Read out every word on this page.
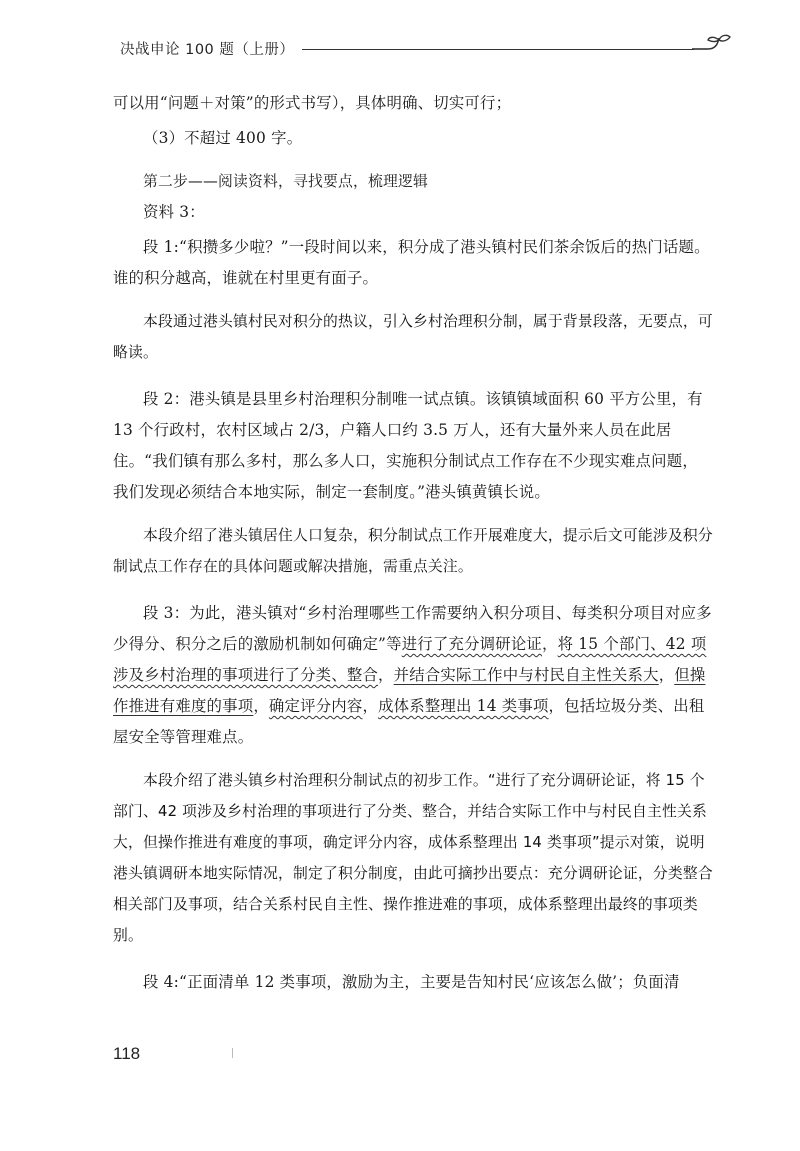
决战申论 100 题（上册）

可以用“问题＋对策”的形式书写），具体明确、切实可行；

（3）不超过 400 字。

第二步——阅读资料，寻找要点，梳理逻辑

资料 3：

段 1:“积攒多少啦？”一段时间以来，积分成了港头镇村民们茶余饭后的热门话题。谁的积分越高，谁就在村里更有面子。

本段通过港头镇村民对积分的热议，引入乡村治理积分制，属于背景段落，无要点，可略读。

段 2：港头镇是县里乡村治理积分制唯一试点镇。该镇镇域面积 60 平方公里，有 13 个行政村，农村区域占 2/3，户籍人口约 3.5 万人，还有大量外来人员在此居住。“我们镇有那么多村，那么多人口，实施积分制试点工作存在不少现实难点问题，我们发现必须结合本地实际，制定一套制度。”港头镇黄镇长说。

本段介绍了港头镇居住人口复杂，积分制试点工作开展难度大，提示后文可能涉及积分制试点工作存在的具体问题或解决措施，需重点关注。

段 3：为此，港头镇对“乡村治理哪些工作需要纳入积分项目、每类积分项目对应多少得分、积分之后的激励机制如何确定”等进行了充分调研论证，将 15 个部门、42 项涉及乡村治理的事项进行了分类、整合，并结合实际工作中与村民自主性关系大，但操作推进有难度的事项，确定评分内容，成体系整理出 14 类事项，包括垃圾分类、出租屋安全等管理难点。

本段介绍了港头镇乡村治理积分制试点的初步工作。“进行了充分调研论证，将 15 个部门、42 项涉及乡村治理的事项进行了分类、整合，并结合实际工作中与村民自主性关系大，但操作推进有难度的事项，确定评分内容，成体系整理出 14 类事项”提示对策，说明港头镇调研本地实际情况，制定了积分制度，由此可摘抄出要点：充分调研论证，分类整合相关部门及事项，结合关系村民自主性、操作推进难的事项，成体系整理出最终的事项类别。

段 4:“正面清单 12 类事项，激励为主，主要是告知村民‘应该怎么做’；负面清

118
